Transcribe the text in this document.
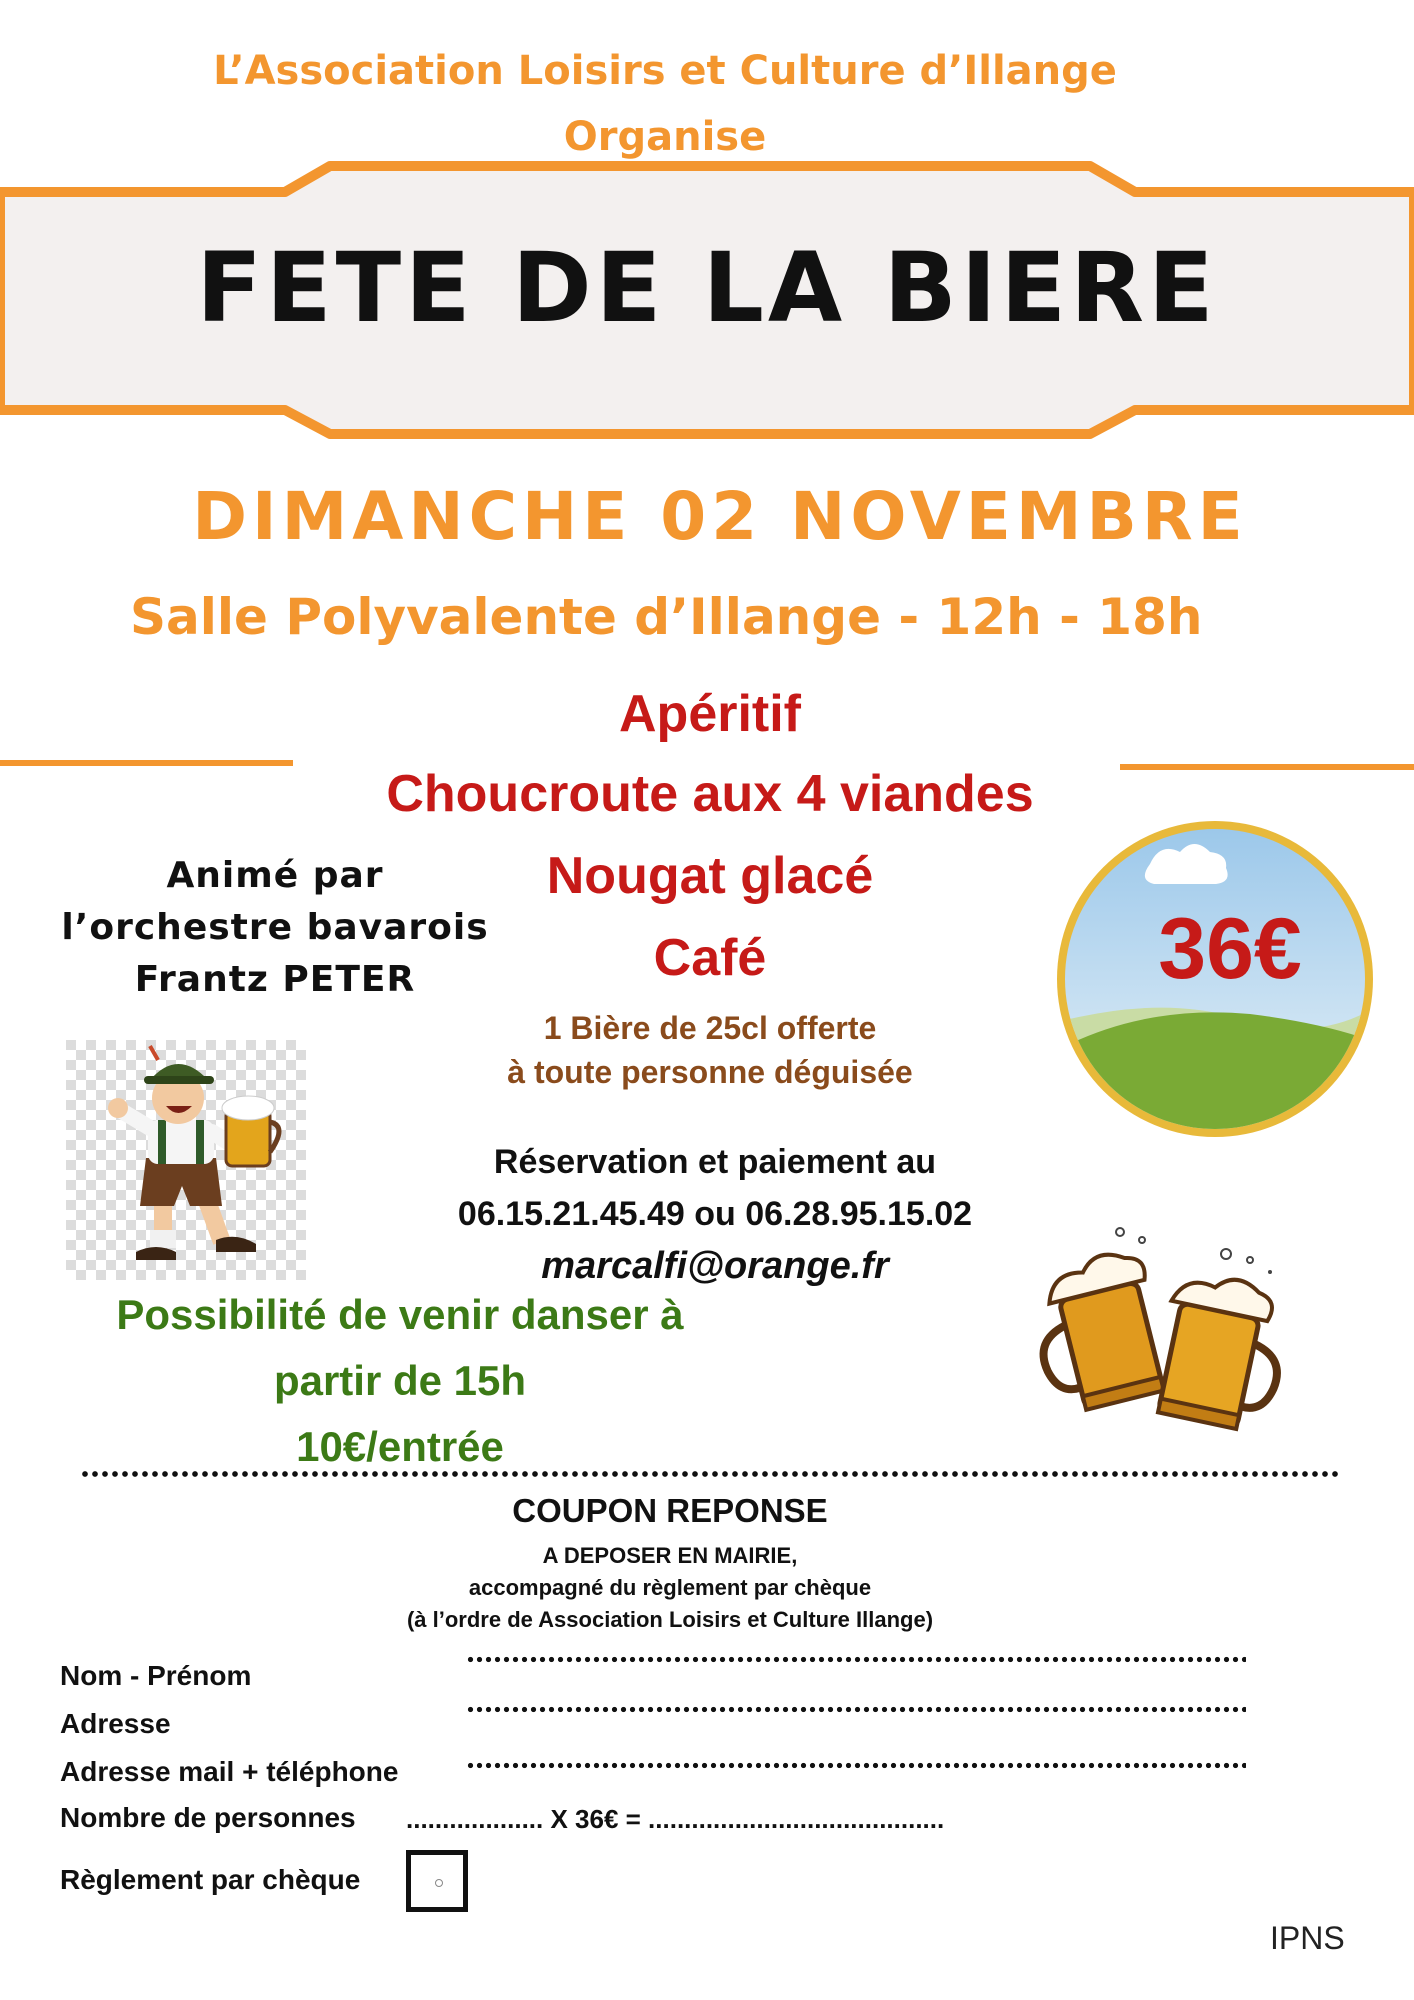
L’Association Loisirs et Culture d’Illange
Organise
FETE DE LA BIERE
DIMANCHE 02 NOVEMBRE
Salle Polyvalente d’Illange - 12h - 18h
Apéritif
Choucroute aux 4 viandes
Nougat glacé
Café
1 Bière de 25cl offerte
à toute personne déguisée
36€
Animé par
l’orchestre bavarois
Frantz PETER
Réservation et paiement au
06.15.21.45.49 ou 06.28.95.15.02
marcalfi@orange.fr
Possibilité de venir danser à
partir de 15h
10€/entrée
COUPON REPONSE
A DEPOSER EN MAIRIE,
accompagné du règlement par chèque
(à l’ordre de Association Loisirs et Culture Illange)
Nom - Prénom
Adresse
Adresse mail + téléphone
Nombre de personnes ................... X 36€ = .........................................
Règlement par chèque
IPNS
